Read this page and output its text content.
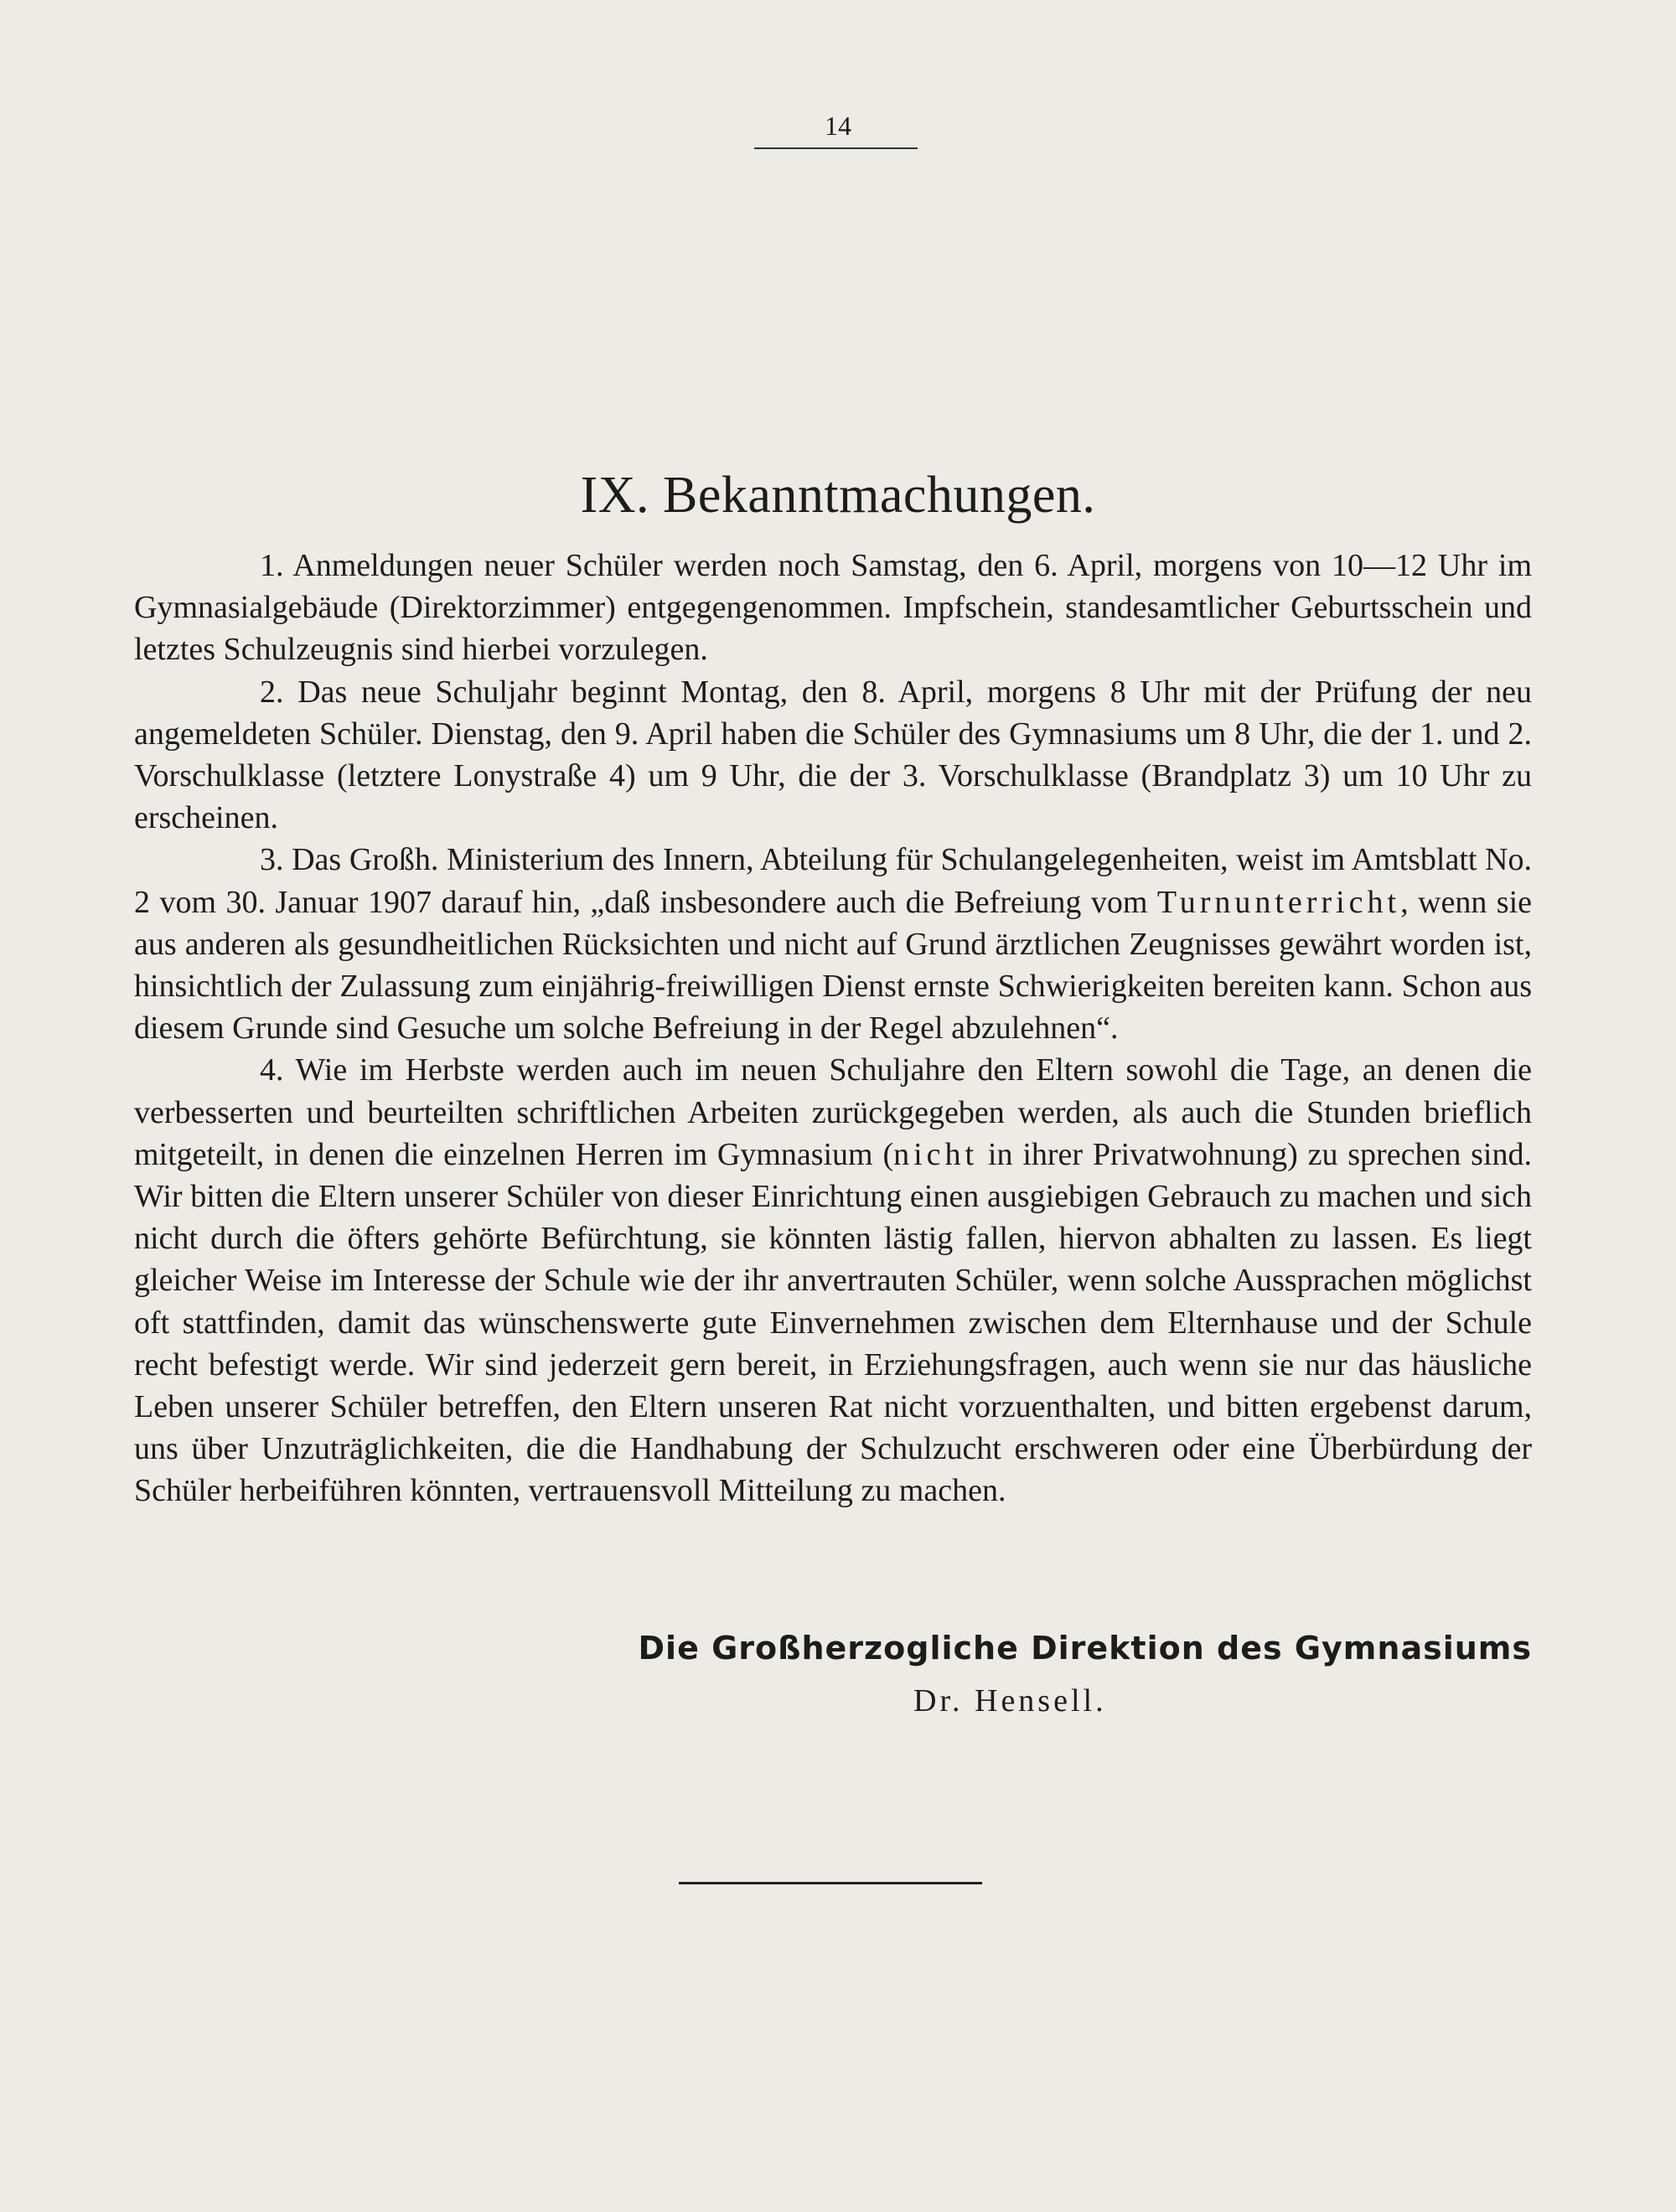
14
IX. Bekanntmachungen.

1. Anmeldungen neuer Schüler werden noch Samstag, den 6. April, morgens von 10—12 Uhr im Gymnasialgebäude (Direktorzimmer) entgegengenommen. Impfschein, standesamtlicher Geburtsschein und letztes Schulzeugnis sind hierbei vorzulegen.

2. Das neue Schuljahr beginnt Montag, den 8. April, morgens 8 Uhr mit der Prüfung der neu angemeldeten Schüler. Dienstag, den 9. April haben die Schüler des Gymnasiums um 8 Uhr, die der 1. und 2. Vorschulklasse (letztere Lonystraße 4) um 9 Uhr, die der 3. Vorschulklasse (Brandplatz 3) um 10 Uhr zu erscheinen.

3. Das Großh. Ministerium des Innern, Abteilung für Schulangelegenheiten, weist im Amtsblatt No. 2 vom 30. Januar 1907 darauf hin, „daß insbesondere auch die Befreiung vom Turnunterricht, wenn sie aus anderen als gesundheitlichen Rücksichten und nicht auf Grund ärztlichen Zeugnisses gewährt worden ist, hinsichtlich der Zulassung zum einjährig-freiwilligen Dienst ernste Schwierigkeiten bereiten kann. Schon aus diesem Grunde sind Gesuche um solche Befreiung in der Regel abzulehnen“.

4. Wie im Herbste werden auch im neuen Schuljahre den Eltern sowohl die Tage, an denen die verbesserten und beurteilten schriftlichen Arbeiten zurückgegeben werden, als auch die Stunden brieflich mitgeteilt, in denen die einzelnen Herren im Gymnasium (nicht in ihrer Privatwohnung) zu sprechen sind. Wir bitten die Eltern unserer Schüler von dieser Einrichtung einen ausgiebigen Gebrauch zu machen und sich nicht durch die öfters gehörte Befürchtung, sie könnten lästig fallen, hiervon abhalten zu lassen. Es liegt gleicher Weise im Interesse der Schule wie der ihr anvertrauten Schüler, wenn solche Aussprachen möglichst oft stattfinden, damit das wünschenswerte gute Einvernehmen zwischen dem Elternhause und der Schule recht befestigt werde. Wir sind jederzeit gern bereit, in Erziehungsfragen, auch wenn sie nur das häusliche Leben unserer Schüler betreffen, den Eltern unseren Rat nicht vorzuenthalten, und bitten ergebenst darum, uns über Unzuträglichkeiten, die die Handhabung der Schulzucht erschweren oder eine Überbürdung der Schüler herbeiführen könnten, vertrauensvoll Mitteilung zu machen.

Die Großherzogliche Direktion des Gymnasiums
Dr. Hensell.
